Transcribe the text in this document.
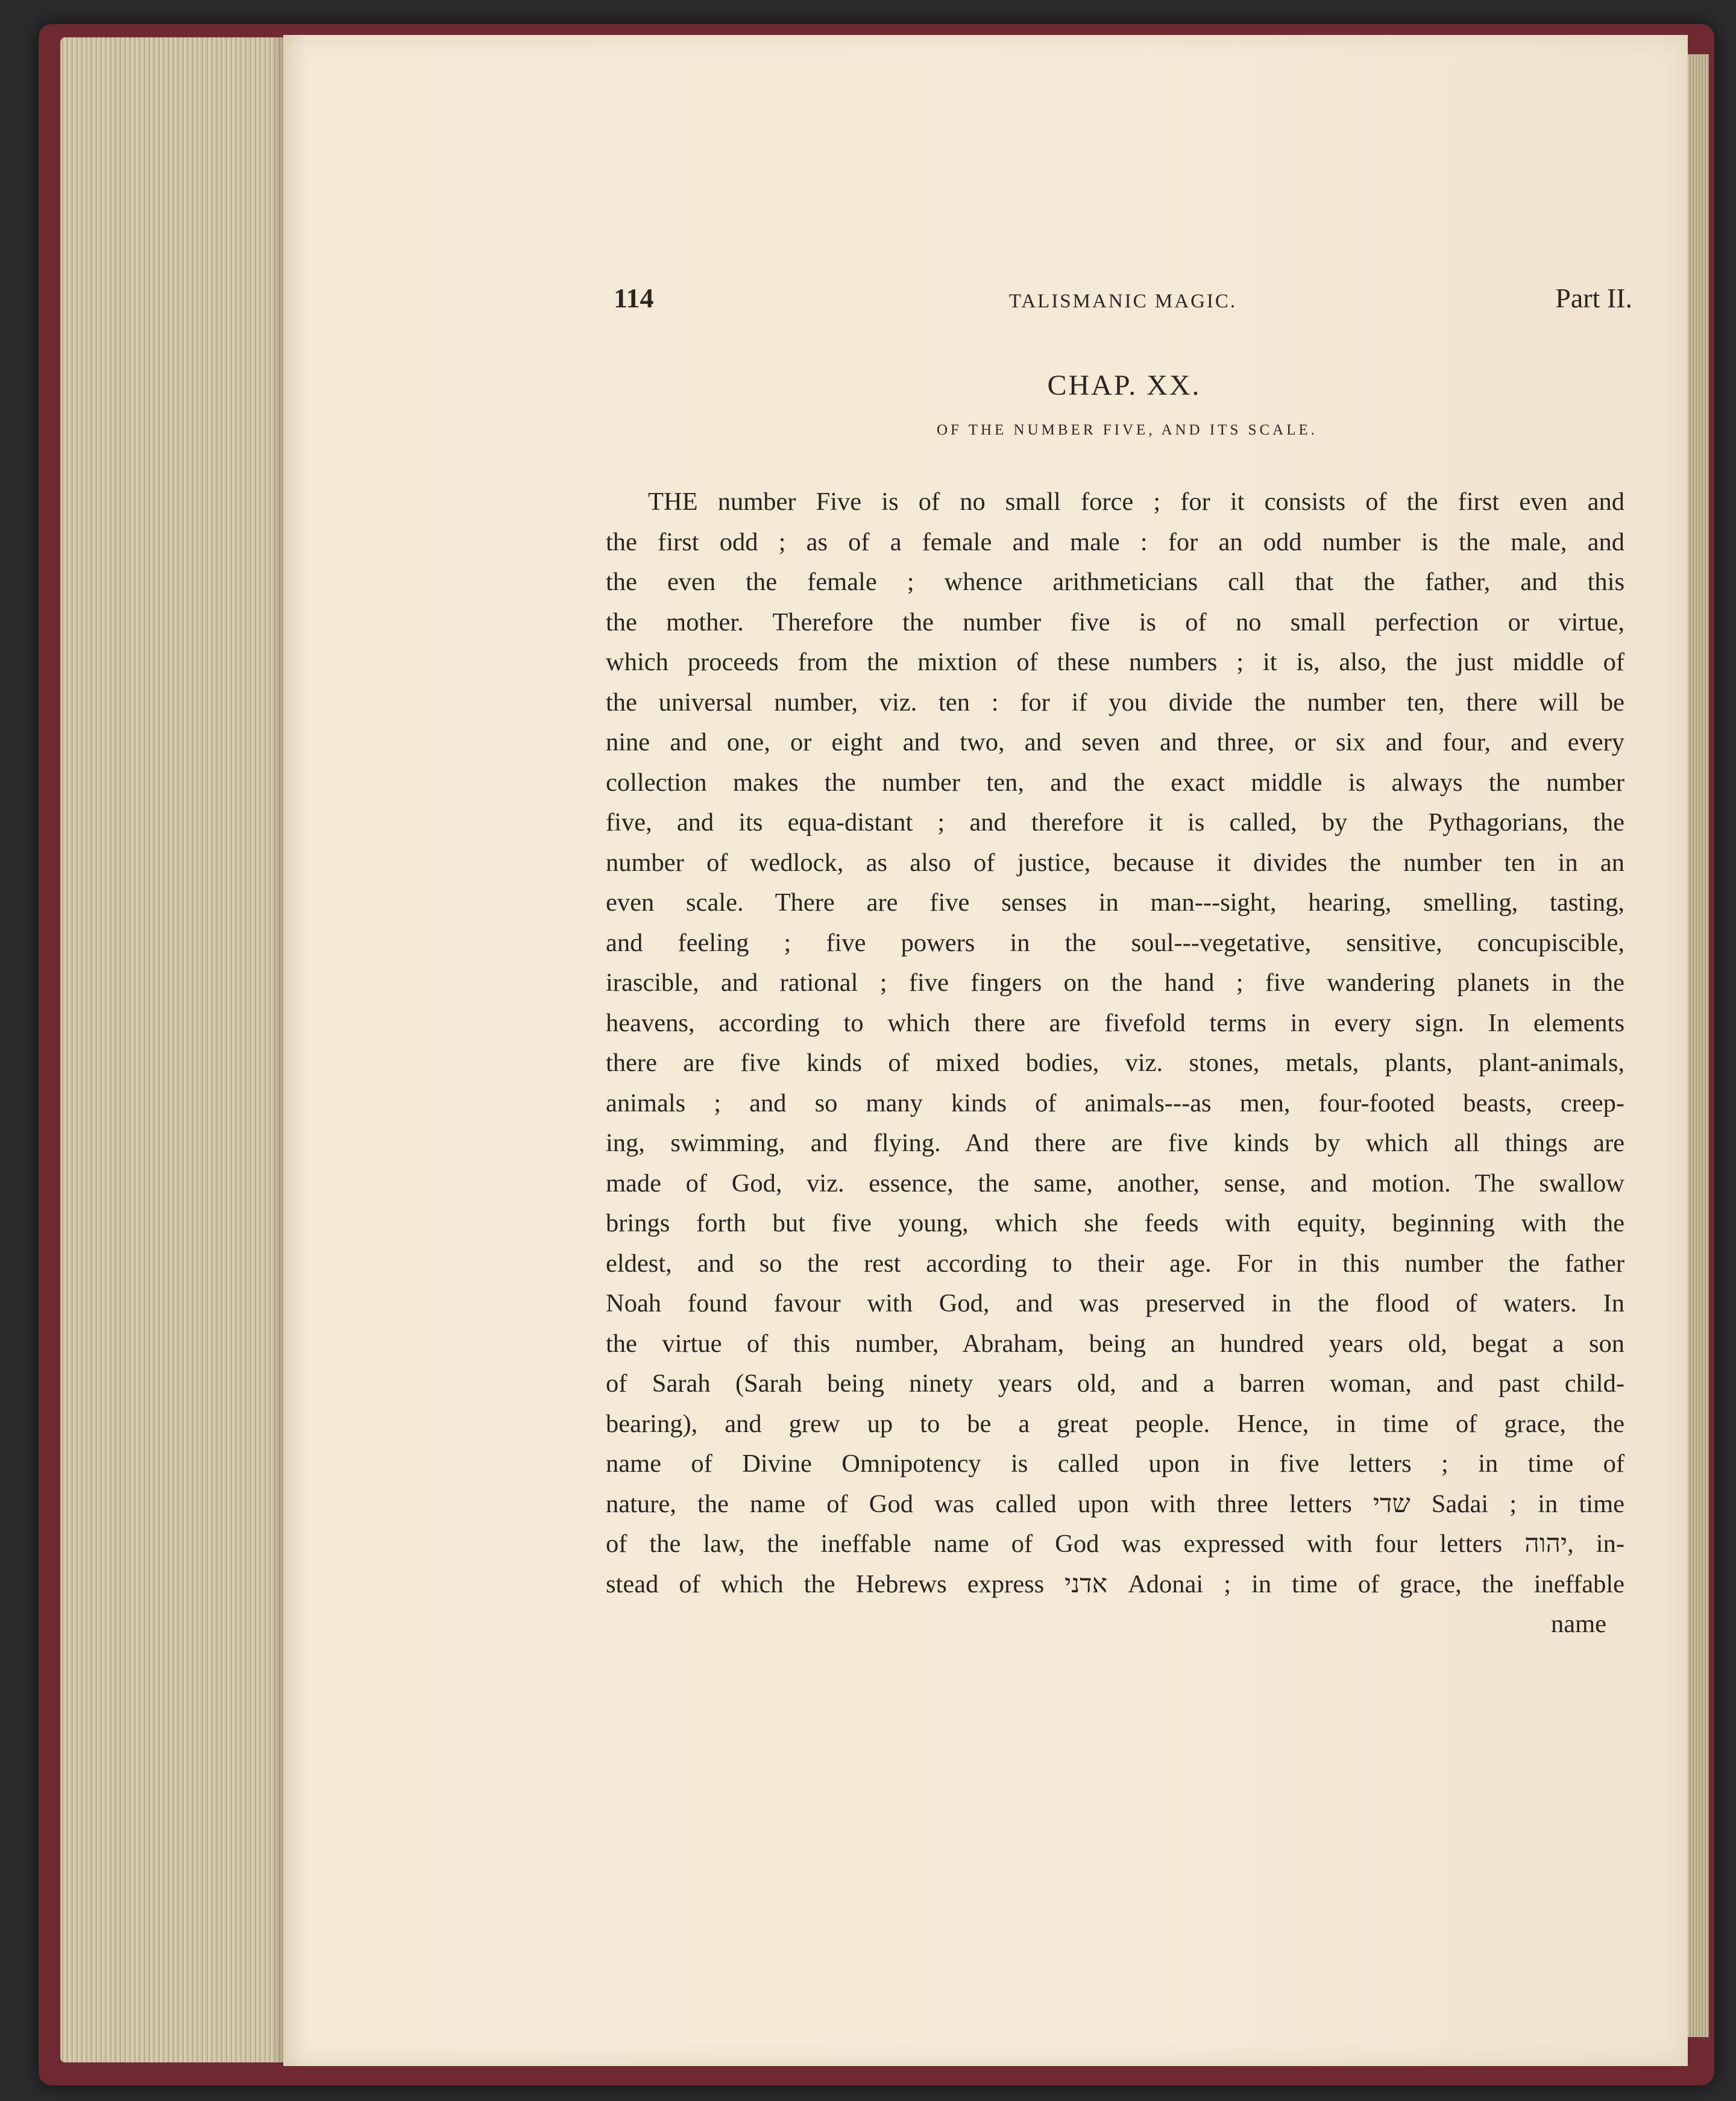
114	TALISMANIC MAGIC.	Part II.
CHAP. XX.
OF THE NUMBER FIVE, AND ITS SCALE.
THE number Five is of no small force ; for it consists of the first even and
the first odd ; as of a female and male : for an odd number is the male, and
the even the female ; whence arithmeticians call that the father, and this
the mother. Therefore the number five is of no small perfection or virtue,
which proceeds from the mixtion of these numbers ; it is, also, the just middle of
the universal number, viz. ten : for if you divide the number ten, there will be
nine and one, or eight and two, and seven and three, or six and four, and every
collection makes the number ten, and the exact middle is always the number
five, and its equa-distant ; and therefore it is called, by the Pythagorians, the
number of wedlock, as also of justice, because it divides the number ten in an
even scale. There are five senses in man---sight, hearing, smelling, tasting,
and feeling ; five powers in the soul---vegetative, sensitive, concupiscible,
irascible, and rational ; five fingers on the hand ; five wandering planets in the
heavens, according to which there are fivefold terms in every sign. In elements
there are five kinds of mixed bodies, viz. stones, metals, plants, plant-animals,
animals ; and so many kinds of animals---as men, four-footed beasts, creep-
ing, swimming, and flying. And there are five kinds by which all things are
made of God, viz. essence, the same, another, sense, and motion. The swallow
brings forth but five young, which she feeds with equity, beginning with the
eldest, and so the rest according to their age. For in this number the father
Noah found favour with God, and was preserved in the flood of waters. In
the virtue of this number, Abraham, being an hundred years old, begat a son
of Sarah (Sarah being ninety years old, and a barren woman, and past child-
bearing), and grew up to be a great people. Hence, in time of grace, the
name of Divine Omnipotency is called upon in five letters ; in time of
nature, the name of God was called upon with three letters שדי Sadai ; in time
of the law, the ineffable name of God was expressed with four letters יהוה, in-
stead of which the Hebrews express אדני Adonai ; in time of grace, the ineffable
name
